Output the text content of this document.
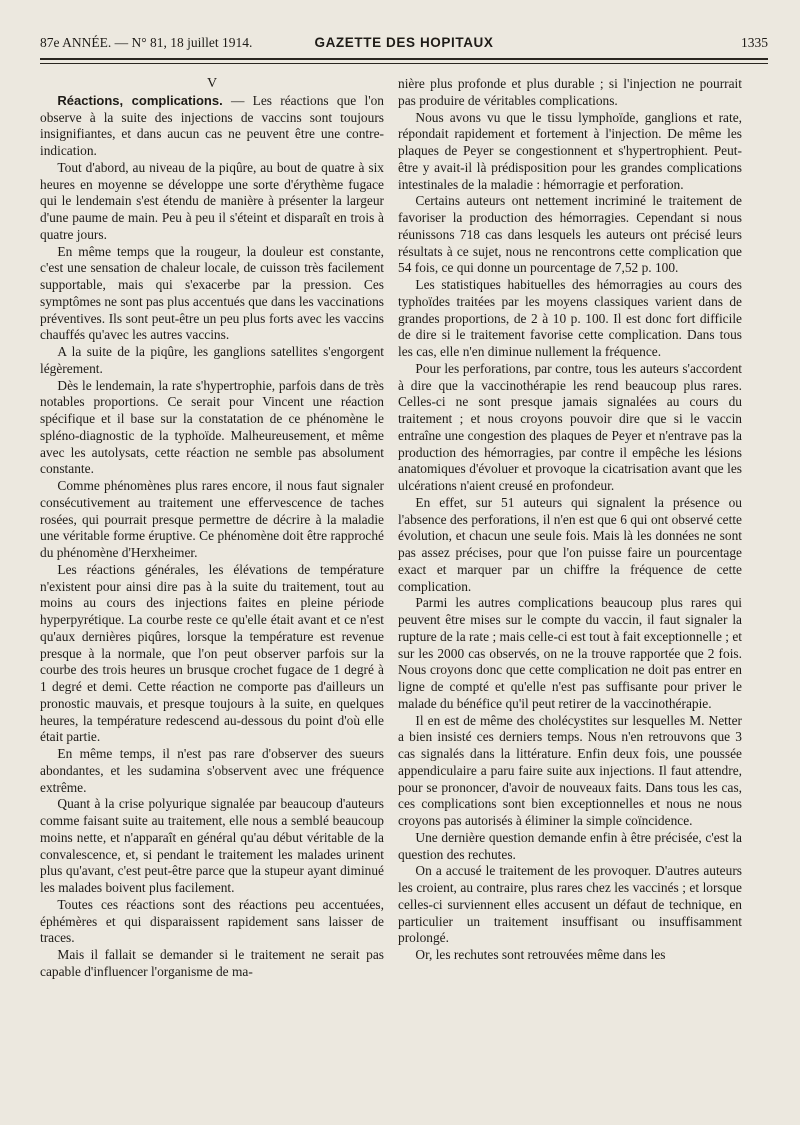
87e ANNÉE. — N° 81, 18 juillet 1914.	GAZETTE DES HOPITAUX	1335

V

Réactions, complications. — Les réactions que l'on observe à la suite des injections de vaccins sont toujours insignifiantes, et dans aucun cas ne peuvent être une contre-indication.

Tout d'abord, au niveau de la piqûre, au bout de quatre à six heures en moyenne se développe une sorte d'érythème fugace qui le lendemain s'est étendu de manière à présenter la largeur d'une paume de main. Peu à peu il s'éteint et disparaît en trois à quatre jours.

En même temps que la rougeur, la douleur est constante, c'est une sensation de chaleur locale, de cuisson très facilement supportable, mais qui s'exacerbe par la pression. Ces symptômes ne sont pas plus accentués que dans les vaccinations préventives. Ils sont peut-être un peu plus forts avec les vaccins chauffés qu'avec les autres vaccins.

A la suite de la piqûre, les ganglions satellites s'engorgent légèrement.

Dès le lendemain, la rate s'hypertrophie, parfois dans de très notables proportions. Ce serait pour Vincent une réaction spécifique et il base sur la constatation de ce phénomène le spléno-diagnostic de la typhoïde. Malheureusement, et même avec les autolysats, cette réaction ne semble pas absolument constante.

Comme phénomènes plus rares encore, il nous faut signaler consécutivement au traitement une effervescence de taches rosées, qui pourrait presque permettre de décrire à la maladie une véritable forme éruptive. Ce phénomène doit être rapproché du phénomène d'Herxheimer.

Les réactions générales, les élévations de température n'existent pour ainsi dire pas à la suite du traitement, tout au moins au cours des injections faites en pleine période hyperpyrétique. La courbe reste ce qu'elle était avant et ce n'est qu'aux dernières piqûres, lorsque la température est revenue presque à la normale, que l'on peut observer parfois sur la courbe des trois heures un brusque crochet fugace de 1 degré à 1 degré et demi. Cette réaction ne comporte pas d'ailleurs un pronostic mauvais, et presque toujours à la suite, en quelques heures, la température redescend au-dessous du point d'où elle était partie.

En même temps, il n'est pas rare d'observer des sueurs abondantes, et les sudamina s'observent avec une fréquence extrême.

Quant à la crise polyurique signalée par beaucoup d'auteurs comme faisant suite au traitement, elle nous a semblé beaucoup moins nette, et n'apparaît en général qu'au début véritable de la convalescence, et, si pendant le traitement les malades urinent plus qu'avant, c'est peut-être parce que la stupeur ayant diminué les malades boivent plus facilement.

Toutes ces réactions sont des réactions peu accentuées, éphémères et qui disparaissent rapidement sans laisser de traces.

Mais il fallait se demander si le traitement ne serait pas capable d'influencer l'organisme de ma-

nière plus profonde et plus durable ; si l'injection ne pourrait pas produire de véritables complications.

Nous avons vu que le tissu lymphoïde, ganglions et rate, répondait rapidement et fortement à l'injection. De même les plaques de Peyer se congestionnent et s'hypertrophient. Peut-être y avait-il là prédisposition pour les grandes complications intestinales de la maladie : hémorragie et perforation.

Certains auteurs ont nettement incriminé le traitement de favoriser la production des hémorragies. Cependant si nous réunissons 718 cas dans lesquels les auteurs ont précisé leurs résultats à ce sujet, nous ne rencontrons cette complication que 54 fois, ce qui donne un pourcentage de 7,52 p. 100.

Les statistiques habituelles des hémorragies au cours des typhoïdes traitées par les moyens classiques varient dans de grandes proportions, de 2 à 10 p. 100. Il est donc fort difficile de dire si le traitement favorise cette complication. Dans tous les cas, elle n'en diminue nullement la fréquence.

Pour les perforations, par contre, tous les auteurs s'accordent à dire que la vaccinothérapie les rend beaucoup plus rares. Celles-ci ne sont presque jamais signalées au cours du traitement ; et nous croyons pouvoir dire que si le vaccin entraîne une congestion des plaques de Peyer et n'entrave pas la production des hémorragies, par contre il empêche les lésions anatomiques d'évoluer et provoque la cicatrisation avant que les ulcérations n'aient creusé en profondeur.

En effet, sur 51 auteurs qui signalent la présence ou l'absence des perforations, il n'en est que 6 qui ont observé cette évolution, et chacun une seule fois. Mais là les données ne sont pas assez précises, pour que l'on puisse faire un pourcentage exact et marquer par un chiffre la fréquence de cette complication.

Parmi les autres complications beaucoup plus rares qui peuvent être mises sur le compte du vaccin, il faut signaler la rupture de la rate ; mais celle-ci est tout à fait exceptionnelle ; et sur les 2000 cas observés, on ne la trouve rapportée que 2 fois. Nous croyons donc que cette complication ne doit pas entrer en ligne de compté et qu'elle n'est pas suffisante pour priver le malade du bénéfice qu'il peut retirer de la vaccinothérapie.

Il en est de même des cholécystites sur lesquelles M. Netter a bien insisté ces derniers temps. Nous n'en retrouvons que 3 cas signalés dans la littérature. Enfin deux fois, une poussée appendiculaire a paru faire suite aux injections. Il faut attendre, pour se prononcer, d'avoir de nouveaux faits. Dans tous les cas, ces complications sont bien exceptionnelles et nous ne nous croyons pas autorisés à éliminer la simple coïncidence.

Une dernière question demande enfin à être précisée, c'est la question des rechutes.

On a accusé le traitement de les provoquer. D'autres auteurs les croient, au contraire, plus rares chez les vaccinés ; et lorsque celles-ci surviennent elles accusent un défaut de technique, en particulier un traitement insuffisant ou insuffisamment prolongé.

Or, les rechutes sont retrouvées même dans les
